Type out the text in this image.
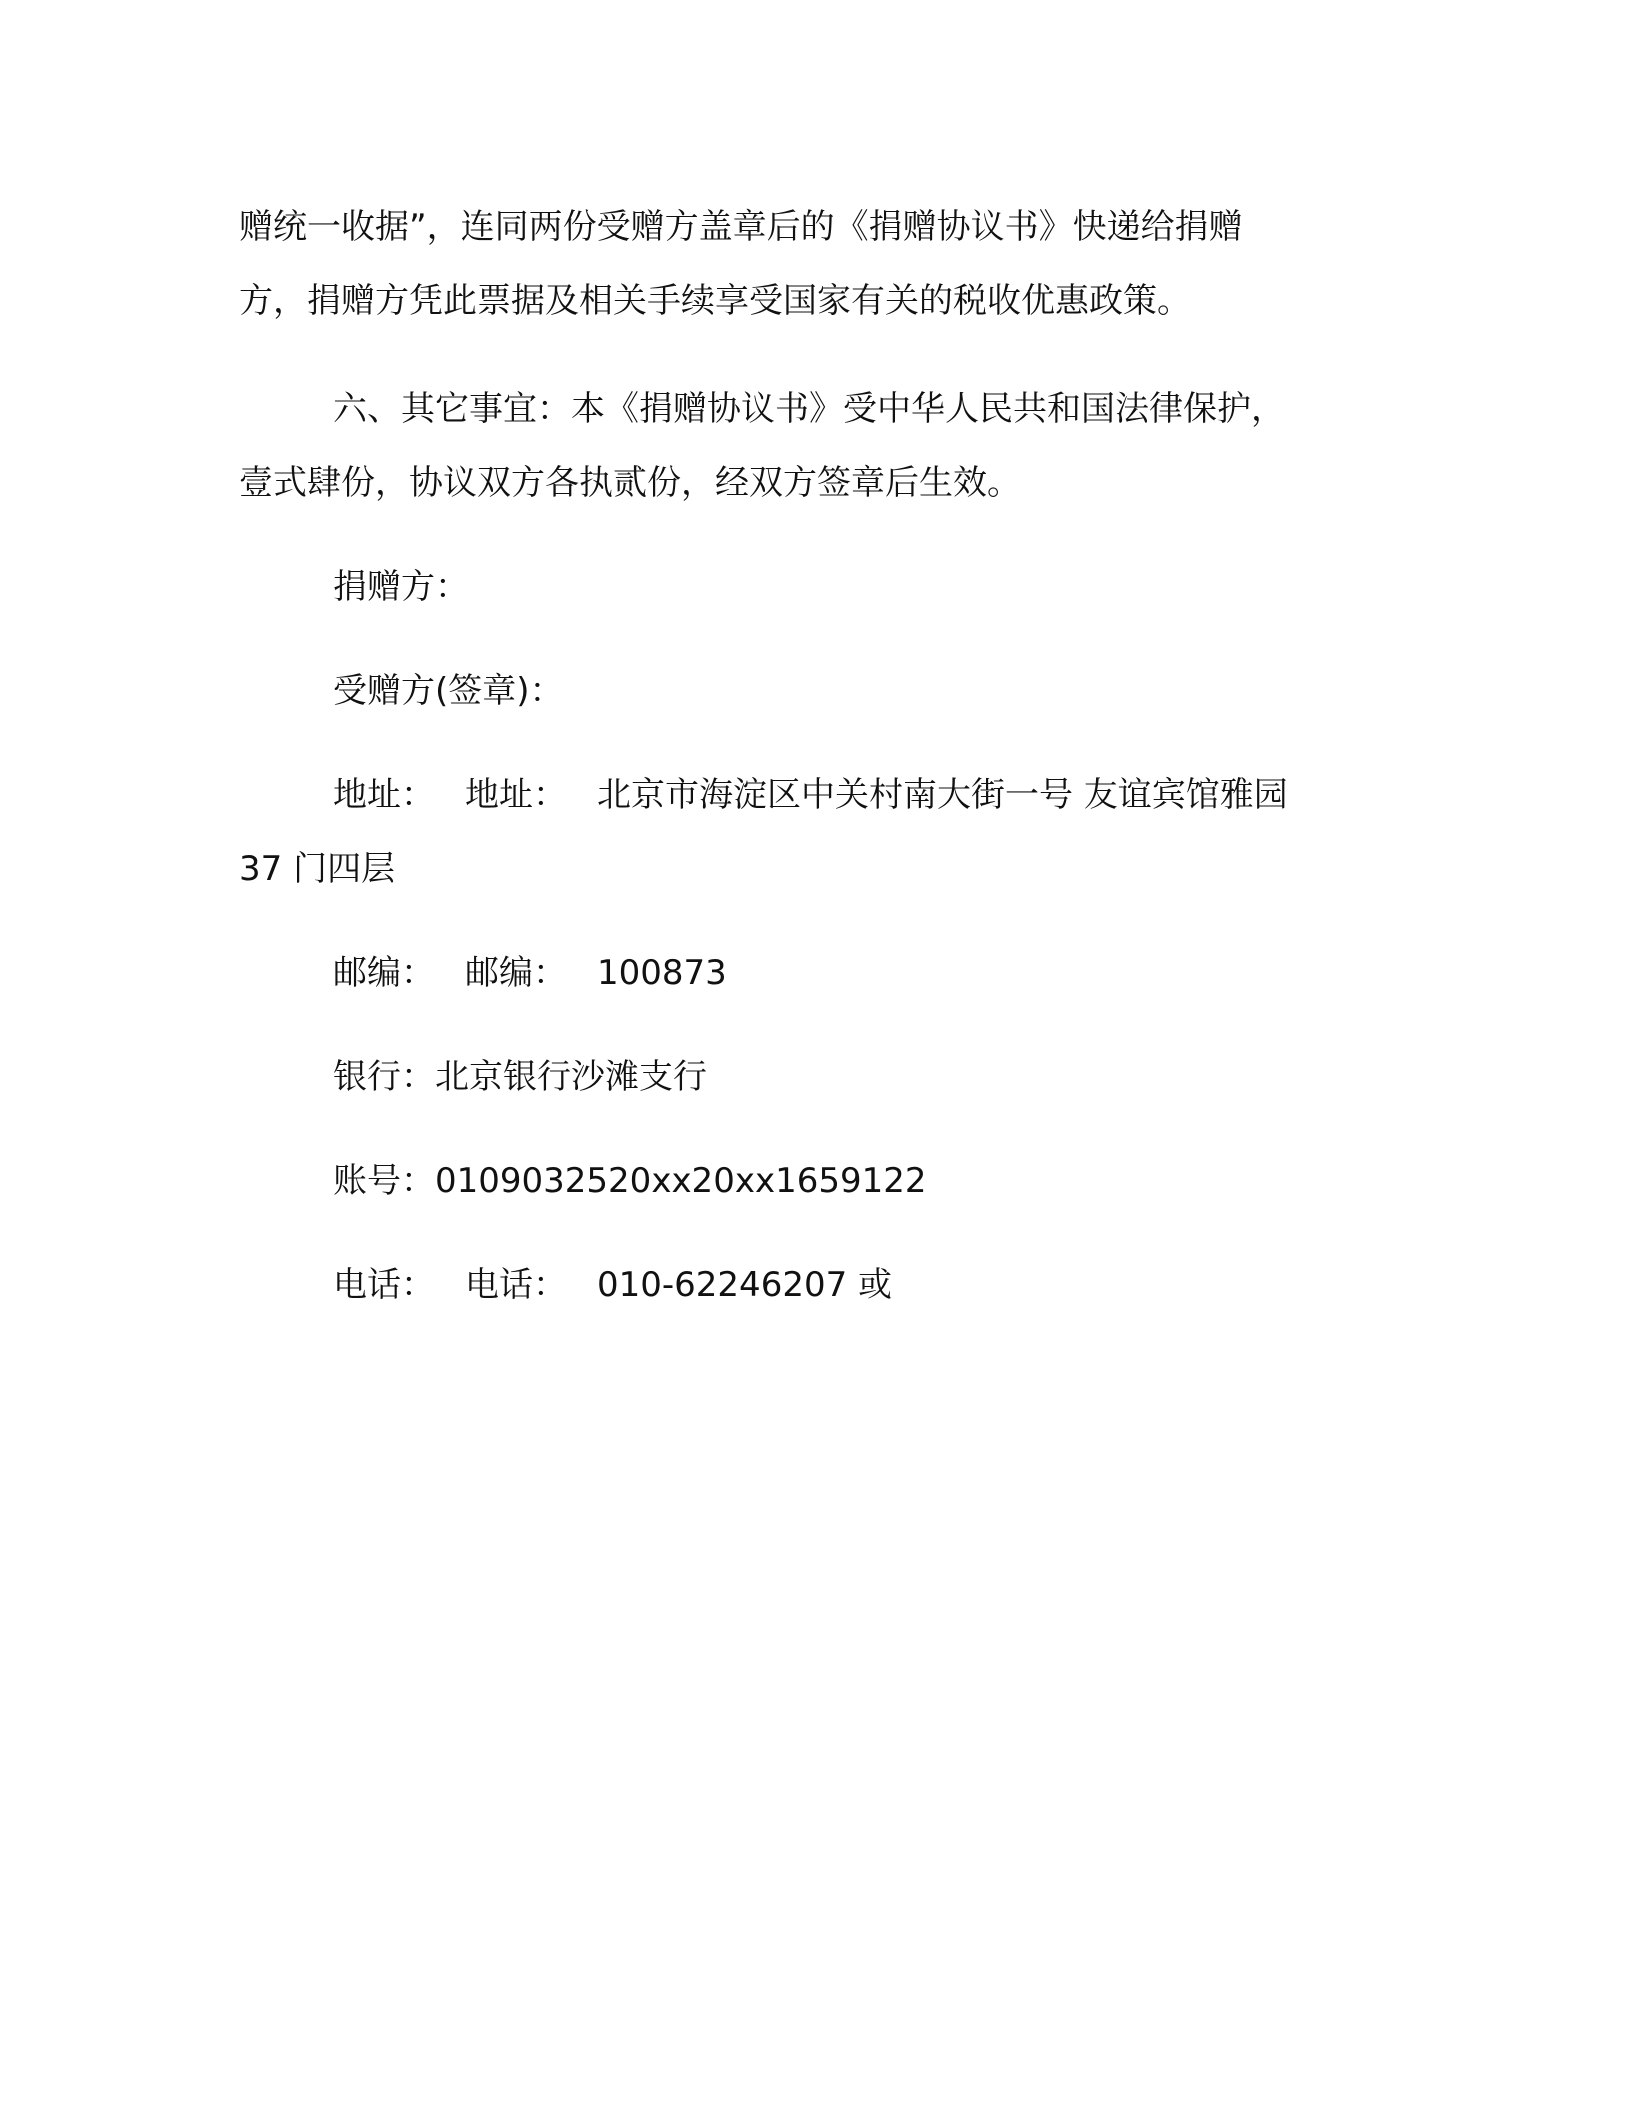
赠统一收据”，连同两份受赠方盖章后的《捐赠协议书》快递给捐赠
方，捐赠方凭此票据及相关手续享受国家有关的税收优惠政策。

六、其它事宜：本《捐赠协议书》受中华人民共和国法律保护，
壹式肆份，协议双方各执贰份，经双方签章后生效。

捐赠方：
受赠方(签章)：
地址： 地址： 北京市海淀区中关村南大街一号 友谊宾馆雅园
37 门四层
邮编： 邮编： 100873
银行：北京银行沙滩支行
账号：0109032520xx20xx1659122
电话： 电话： 010-62246207 或
